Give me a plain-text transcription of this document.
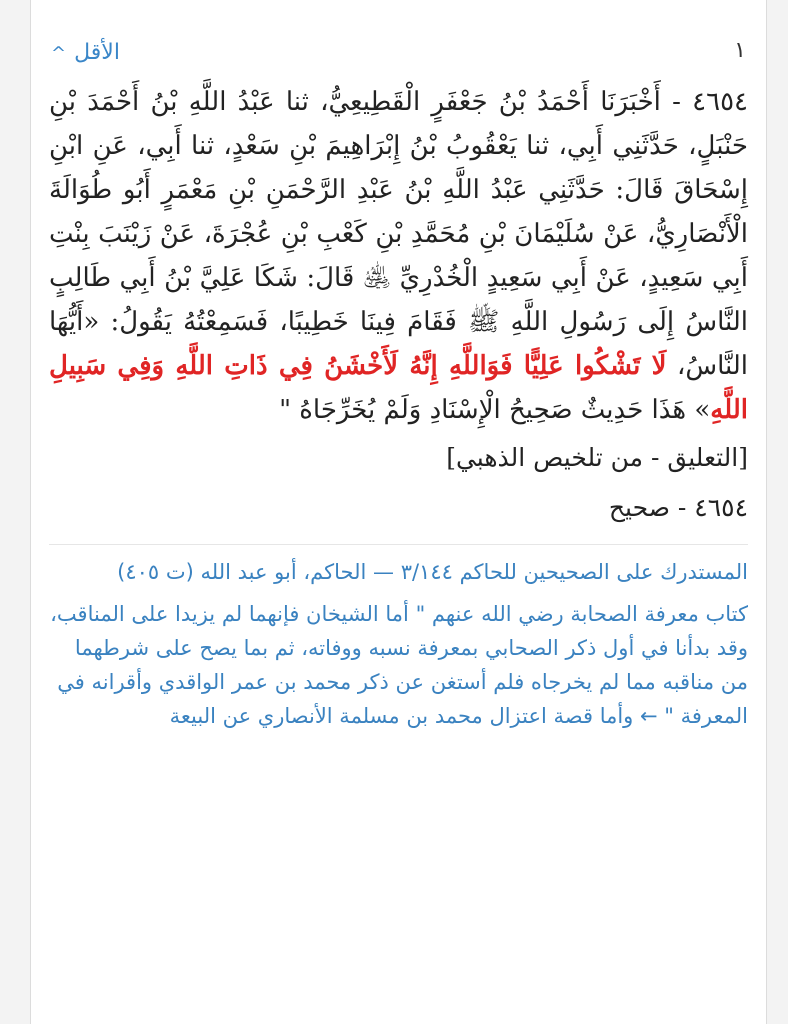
١
الأقل^
٤٦٥٤ - أَخْبَرَنَا أَحْمَدُ بْنُ جَعْفَرٍ الْقَطِيعِيُّ، ثنا عَبْدُ اللَّهِ بْنُ أَحْمَدَ بْنِ حَنْبَلٍ، حَدَّثَنِي أَبِي، ثنا يَعْقُوبُ بْنُ إِبْرَاهِيمَ بْنِ سَعْدٍ، ثنا أَبِي، عَنِ ابْنِ إِسْحَاقَ قَالَ: حَدَّثَنِي عَبْدُ اللَّهِ بْنُ عَبْدِ الرَّحْمَنِ بْنِ مَعْمَرٍ أَبُو طُوَالَةَ الْأَنْصَارِيُّ، عَنْ سُلَيْمَانَ بْنِ مُحَمَّدِ بْنِ كَعْبِ بْنِ عُجْرَةَ، عَنْ زَيْنَبَ بِنْتِ أَبِي سَعِيدٍ، عَنْ أَبِي سَعِيدٍ الْخُدْرِيِّ ﵁ قَالَ: شَكَا عَلِيَّ بْنُ أَبِي طَالِبٍ النَّاسُ إِلَى رَسُولِ اللَّهِ ﷺ فَقَامَ فِينَا خَطِيبًا، فَسَمِعْتُهُ يَقُولُ: «أَيُّهَا النَّاسُ، لَا تَشْكُوا عَلِيًّا فَوَاللَّهِ إِنَّهُ لَأَخْشَنُ فِي ذَاتِ اللَّهِ وَفِي سَبِيلِ اللَّهِ» هَذَا حَدِيثٌ صَحِيحُ الْإِسْنَادِ وَلَمْ يُخَرِّجَاهُ "
[التعليق - من تلخيص الذهبي]
٤٦٥٤ - صحيح
المستدرك على الصحيحين للحاكم ٣/١٤٤ — الحاكم، أبو عبد الله (ت ٤٠٥)
كتاب معرفة الصحابة رضي الله عنهم " أما الشيخان فإنهما لم يزيدا على المناقب، وقد بدأنا في أول ذكر الصحابي بمعرفة نسبه ووفاته، ثم بما يصح على شرطهما من مناقبه مما لم يخرجاه فلم أستغن عن ذكر محمد بن عمر الواقدي وأقرانه في المعرفة " ← وأما قصة اعتزال محمد بن مسلمة الأنصاري عن البيعة
